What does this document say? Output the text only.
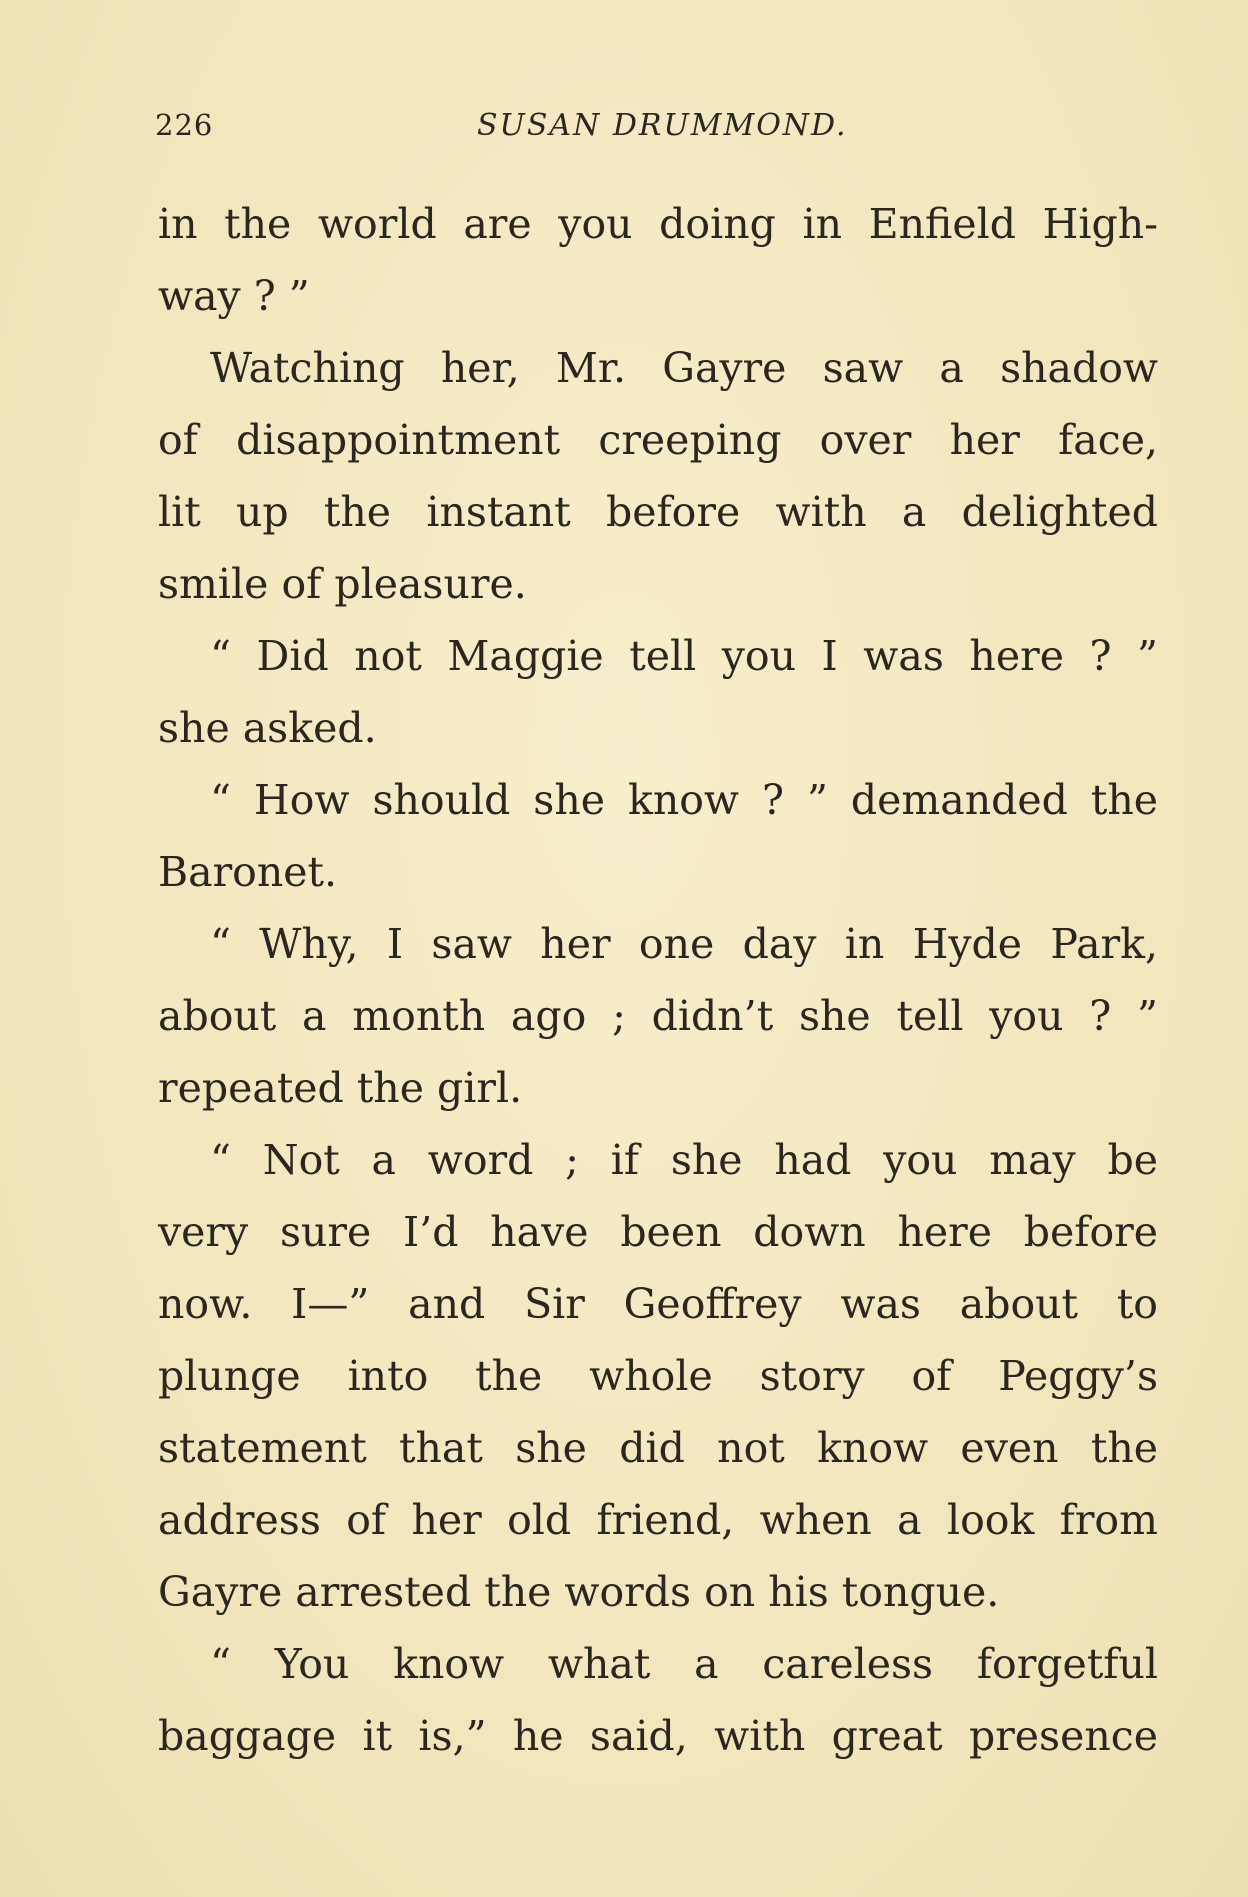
226	SUSAN DRUMMOND.
in the world are you doing in Enfield High-
way ? ”
Watching her, Mr. Gayre saw a shadow
of disappointment creeping over her face,
lit up the instant before with a delighted
smile of pleasure.
“ Did not Maggie tell you I was here ? ”
she asked.
“ How should she know ? ” demanded the
Baronet.
“ Why, I saw her one day in Hyde Park,
about a month ago ; didn’t she tell you ? ”
repeated the girl.
“ Not a word ; if she had you may be
very sure I’d have been down here before
now. I—” and Sir Geoffrey was about to
plunge into the whole story of Peggy’s
statement that she did not know even the
address of her old friend, when a look from
Gayre arrested the words on his tongue.
“ You know what a careless forgetful
baggage it is,” he said, with great presence
